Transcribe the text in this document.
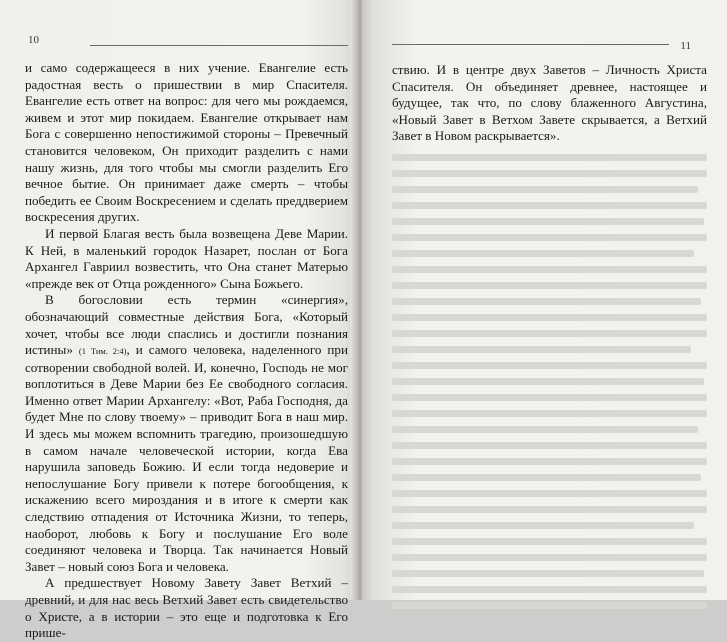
10

и само содержащееся в них учение. Евангелие есть радостная весть о пришествии в мир Спасителя. Евангелие есть ответ на вопрос: для чего мы рождаемся, живем и этот мир покидаем. Евангелие открывает нам Бога с совершенно непостижимой стороны – Превечный становится человеком, Он приходит разделить с нами нашу жизнь, для того чтобы мы смогли разделить Его вечное бытие. Он принимает даже смерть – чтобы победить ее Своим Воскресением и сделать преддверием воскресения других.

И первой Благая весть была возвещена Деве Марии. К Ней, в маленький городок Назарет, послан от Бога Архангел Гавриил возвестить, что Она станет Матерью «прежде век от Отца рожденного» Сына Божьего.

В богословии есть термин «синергия», обозначающий совместные действия Бога, «Который хочет, чтобы все люди спаслись и достигли познания истины» (1 Тим. 2:4), и самого человека, наделенного при сотворении свободной волей. И, конечно, Господь не мог воплотиться в Деве Марии без Ее свободного согласия. Именно ответ Марии Архангелу: «Вот, Раба Господня, да будет Мне по слову твоему» – приводит Бога в наш мир. И здесь мы можем вспомнить трагедию, произошедшую в самом начале человеческой истории, когда Ева нарушила заповедь Божию. И если тогда недоверие и непослушание Богу привели к потере богообщения, к искажению всего мироздания и в итоге к смерти как следствию отпадения от Источника Жизни, то теперь, наоборот, любовь к Богу и послушание Его воле соединяют человека и Творца. Так начинается Новый Завет – новый союз Бога и человека.

А предшествует Новому Завету Завет Ветхий – древний, и для нас весь Ветхий Завет есть свидетельство о Христе, а в истории – это еще и подготовка к Его прише-

11

ствию. И в центре двух Заветов – Личность Христа Спасителя. Он объединяет древнее, настоящее и будущее, так что, по слову блаженного Августина, «Новый Завет в Ветхом Завете скрывается, а Ветхий Завет в Новом раскрывается».
